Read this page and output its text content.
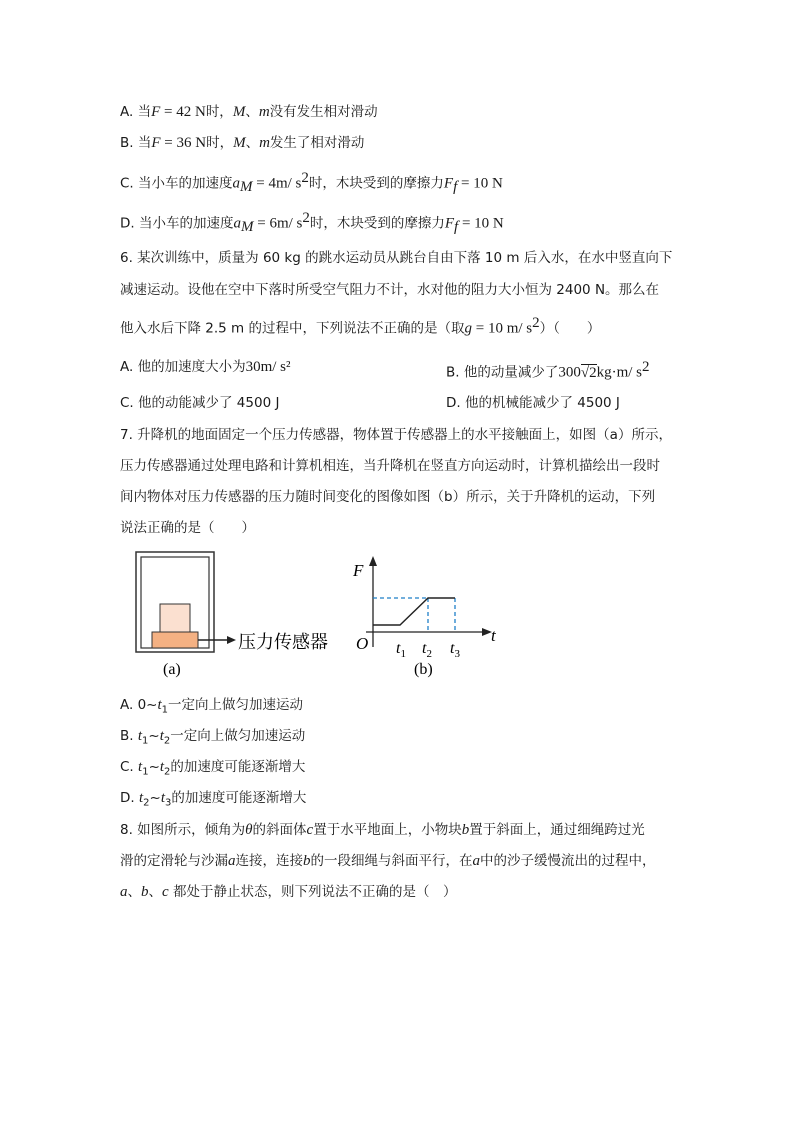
A. 当F = 42 N时，M、m没有发生相对滑动
B. 当F = 36 N时，M、m发生了相对滑动
C. 当小车的加速度$a_M = 4m/$ $s^2$时，木块受到的摩擦力$F_f = 10$ N
D. 当小车的加速度$a_M = 6m/$ $s^2$时，木块受到的摩擦力$F_f = 10$ N
6. 某次训练中，质量为 60 kg 的跳水运动员从跳台自由下落 10 m 后入水，在水中竖直向下
减速运动。设他在空中下落时所受空气阻力不计，水对他的阻力大小恒为 2400 N。那么在
他入水后下降 2.5 m 的过程中，下列说法不正确的是（取g = 10 m/ $s^2$）（　　）
A. 他的加速度大小为30m/ s²	B. 他的动量减少了300√2kg·m/ $s^2$
C. 他的动能减少了 4500 J	D. 他的机械能减少了 4500 J
7. 升降机的地面固定一个压力传感器，物体置于传感器上的水平接触面上，如图（a）所示，
压力传感器通过处理电路和计算机相连，当升降机在竖直方向运动时，计算机描绘出一段时
间内物体对压力传感器的压力随时间变化的图像如图（b）所示，关于升降机的运动，下列
说法正确的是（　　）
压力传感器
(a)
F
t
O $t_1$ $t_2$ $t_3$
(b)
A. $0\sim t_1$一定向上做匀加速运动
B. $t_1\sim t_2$一定向上做匀加速运动
C. $t_1\sim t_2$的加速度可能逐渐增大
D. $t_2\sim t_3$的加速度可能逐渐增大
8. 如图所示，倾角为θ的斜面体c置于水平地面上，小物块b置于斜面上，通过细绳跨过光
滑的定滑轮与沙漏a连接，连接b的一段细绳与斜面平行，在a中的沙子缓慢流出的过程中，
a、b、c 都处于静止状态，则下列说法不正确的是（　）
